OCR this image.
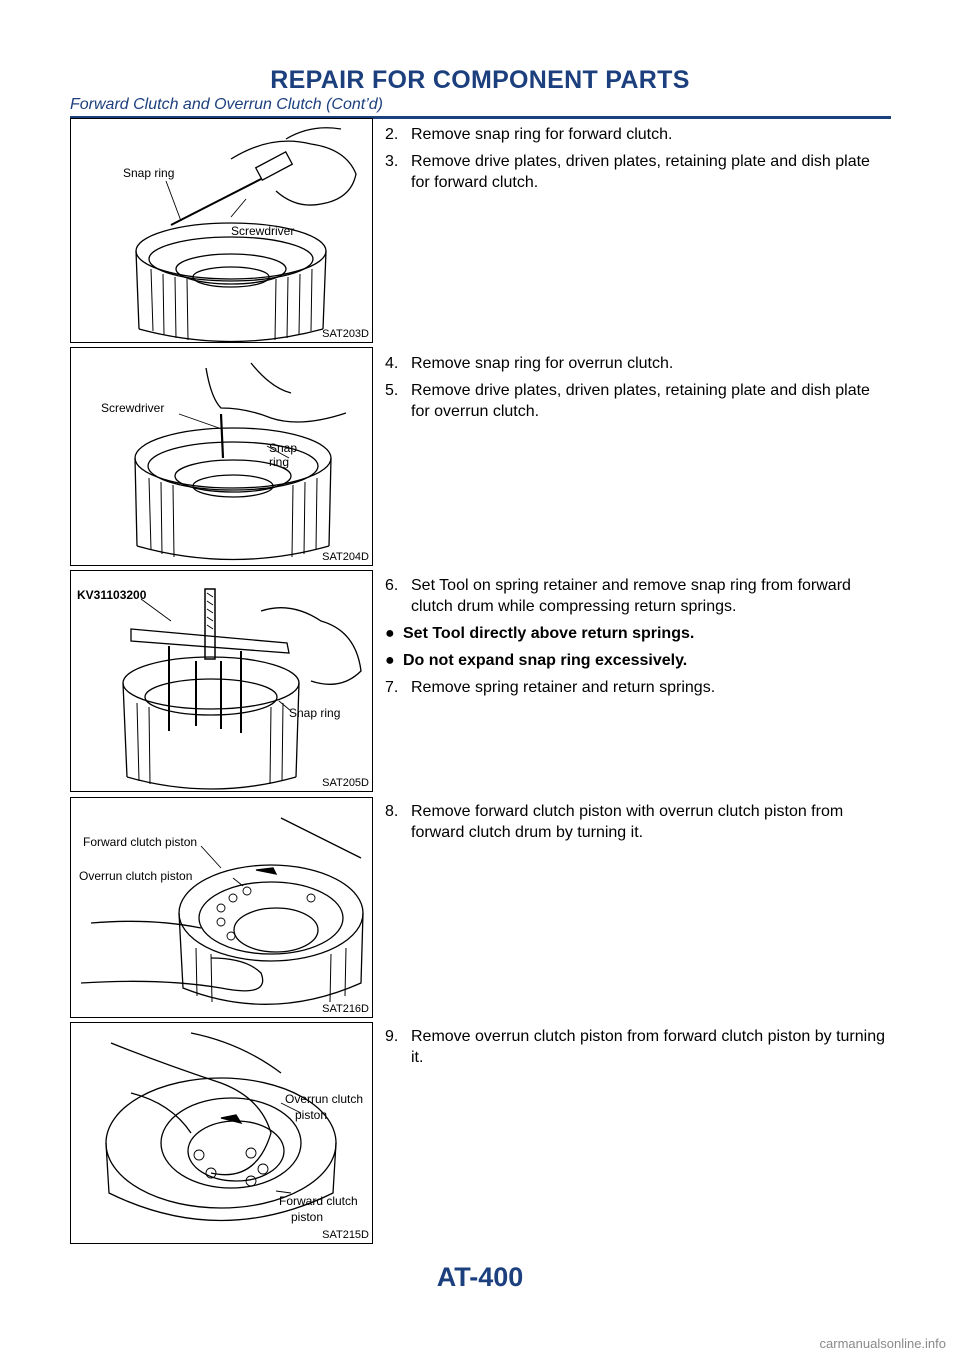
REPAIR FOR COMPONENT PARTS
Forward Clutch and Overrun Clutch (Cont’d)
Snap ring
Screwdriver
SAT203D
Screwdriver
Snap
ring
SAT204D
KV31103200
Snap ring
SAT205D
Forward clutch piston
Overrun clutch piston
SAT216D
Overrun clutch
piston
Forward clutch
piston
SAT215D
2. Remove snap ring for forward clutch.
3. Remove drive plates, driven plates, retaining plate and dish plate for forward clutch.
4. Remove snap ring for overrun clutch.
5. Remove drive plates, driven plates, retaining plate and dish plate for overrun clutch.
6. Set Tool on spring retainer and remove snap ring from forward clutch drum while compressing return springs.
● Set Tool directly above return springs.
● Do not expand snap ring excessively.
7. Remove spring retainer and return springs.
8. Remove forward clutch piston with overrun clutch piston from forward clutch drum by turning it.
9. Remove overrun clutch piston from forward clutch piston by turning it.
AT-400
carmanualsonline.info
